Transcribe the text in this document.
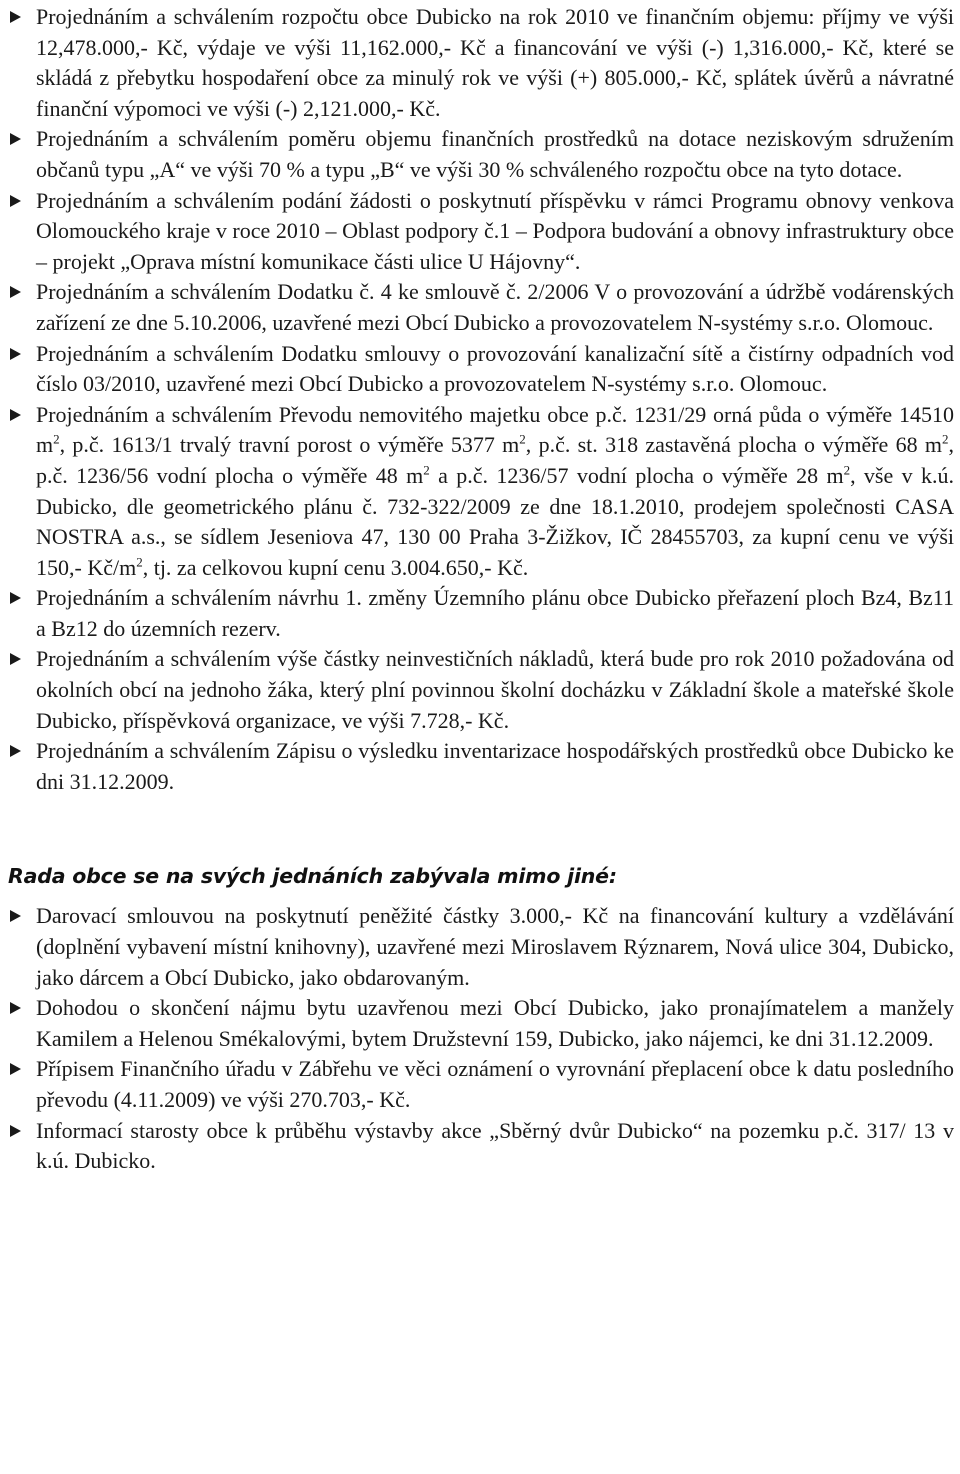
Projednáním a schválením rozpočtu obce Dubicko na rok 2010 ve finančním objemu: příjmy ve výši 12,478.000,- Kč, výdaje ve výši 11,162.000,- Kč a financování ve výši (-) 1,316.000,- Kč, které se skládá z přebytku hospodaření obce za minulý rok ve výši (+) 805.000,- Kč, splátek úvěrů a návratné finanční výpomoci ve výši (-) 2,121.000,- Kč.
Projednáním a schválením poměru objemu finančních prostředků na dotace neziskovým sdružením občanů typu „A“ ve výši 70 % a typu „B“ ve výši 30 % schváleného rozpočtu obce na tyto dotace.
Projednáním a schválením podání žádosti o poskytnutí příspěvku v rámci Programu obnovy venkova Olomouckého kraje v roce 2010 – Oblast podpory č.1 – Podpora budování a obnovy infrastruktury obce – projekt „Oprava místní komunikace části ulice U Hájovny“.
Projednáním a schválením Dodatku č. 4 ke smlouvě č. 2/2006 V o provozování a údržbě vodárenských zařízení ze dne 5.10.2006, uzavřené mezi Obcí Dubicko a provozovatelem N-systémy s.r.o. Olomouc.
Projednáním a schválením Dodatku smlouvy o provozování kanalizační sítě a čistírny odpadních vod číslo 03/2010, uzavřené mezi Obcí Dubicko a provozovatelem N-systémy s.r.o. Olomouc.
Projednáním a schválením Převodu nemovitého majetku obce p.č. 1231/29 orná půda o výměře 14510 $m^2$, p.č. 1613/1 trvalý travní porost o výměře 5377 $m^2$, p.č. st. 318 zastavěná plocha o výměře 68 $m^2$, p.č. 1236/56 vodní plocha o výměře 48 $m^2$ a p.č. 1236/57 vodní plocha o výměře 28 $m^2$, vše v k.ú. Dubicko, dle geometrického plánu č. 732-322/2009 ze dne 18.1.2010, prodejem společnosti CASA NOSTRA a.s., se sídlem Jeseniova 47, 130 00 Praha 3-Žižkov, IČ 28455703, za kupní cenu ve výši 150,- $Kč/m^2$, tj. za celkovou kupní cenu 3.004.650,- Kč.
Projednáním a schválením návrhu 1. změny Územního plánu obce Dubicko přeřazení ploch Bz4, Bz11 a Bz12 do územních rezerv.
Projednáním a schválením výše částky neinvestičních nákladů, která bude pro rok 2010 požadována od okolních obcí na jednoho žáka, který plní povinnou školní docházku v Základní škole a mateřské škole Dubicko, příspěvková organizace, ve výši 7.728,- Kč.
Projednáním a schválením Zápisu o výsledku inventarizace hospodářských prostředků obce Dubicko ke dni 31.12.2009.
Rada obce se na svých jednáních zabývala mimo jiné:
Darovací smlouvou na poskytnutí peněžité částky 3.000,- Kč na financování kultury a vzdělávání (doplnění vybavení místní knihovny), uzavřené mezi Miroslavem Rýznarem, Nová ulice 304, Dubicko, jako dárcem a Obcí Dubicko, jako obdarovaným.
Dohodou o skončení nájmu bytu uzavřenou mezi Obcí Dubicko, jako pronajímatelem a manžely Kamilem a Helenou Smékalovými, bytem Družstevní 159, Dubicko, jako nájemci, ke dni 31.12.2009.
Přípisem Finančního úřadu v Zábřehu ve věci oznámení o vyrovnání přeplacení obce k datu posledního převodu (4.11.2009) ve výši 270.703,- Kč.
Informací starosty obce k průběhu výstavby akce „Sběrný dvůr Dubicko“ na pozemku p.č. 317/ 13 v k.ú. Dubicko.
